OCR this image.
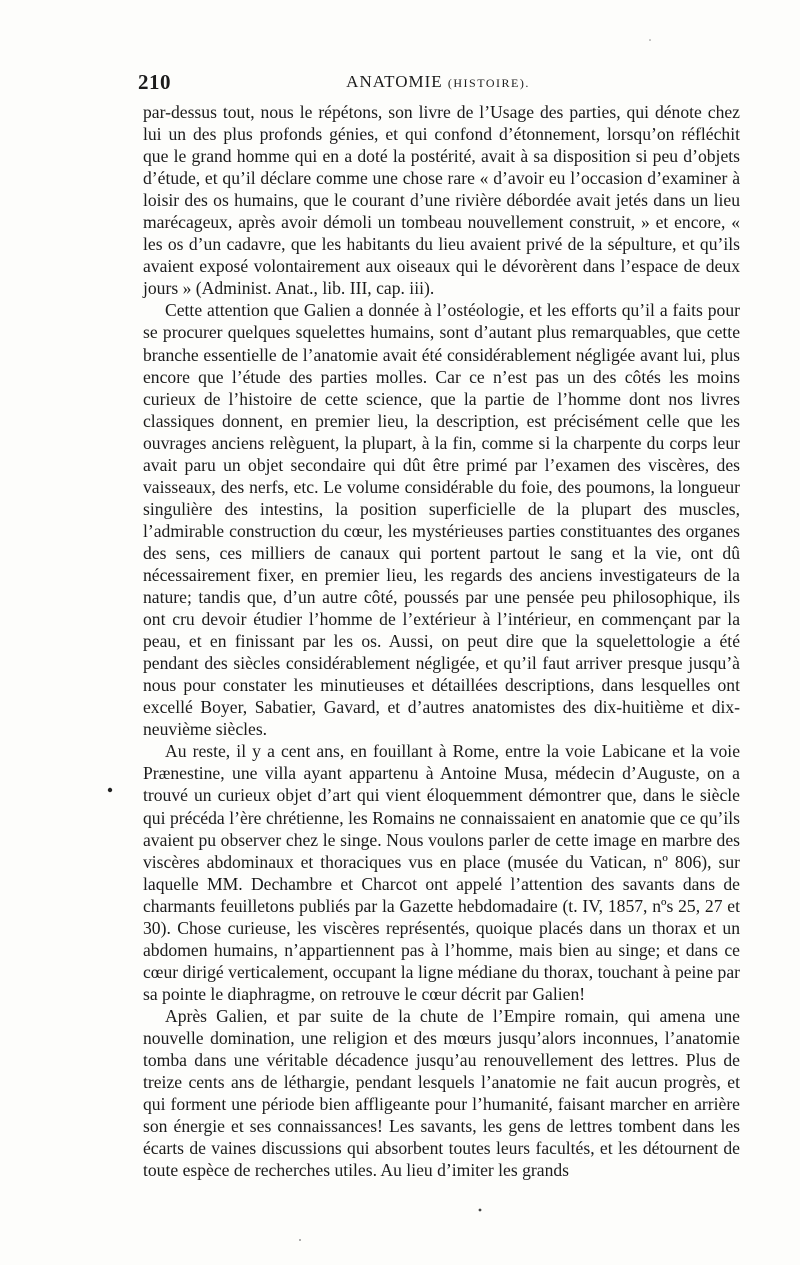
210	ANATOMIE (HISTOIRE).

par-dessus tout, nous le répétons, son livre de l’Usage des parties, qui dénote chez lui un des plus profonds génies, et qui confond d’étonnement, lorsqu’on réfléchit que le grand homme qui en a doté la postérité, avait à sa disposition si peu d’objets d’étude, et qu’il déclare comme une chose rare « d’avoir eu l’occasion d’examiner à loisir des os humains, que le courant d’une rivière débordée avait jetés dans un lieu marécageux, après avoir démoli un tombeau nouvellement construit, » et encore, « les os d’un cadavre, que les habitants du lieu avaient privé de la sépulture, et qu’ils avaient exposé volontairement aux oiseaux qui le dévorèrent dans l’espace de deux jours » (Administ. Anat., lib. III, cap. iii).

Cette attention que Galien a donnée à l’ostéologie, et les efforts qu’il a faits pour se procurer quelques squelettes humains, sont d’autant plus remarquables, que cette branche essentielle de l’anatomie avait été considérablement négligée avant lui, plus encore que l’étude des parties molles. Car ce n’est pas un des côtés les moins curieux de l’histoire de cette science, que la partie de l’homme dont nos livres classiques donnent, en premier lieu, la description, est précisément celle que les ouvrages anciens relèguent, la plupart, à la fin, comme si la charpente du corps leur avait paru un objet secondaire qui dût être primé par l’examen des viscères, des vaisseaux, des nerfs, etc. Le volume considérable du foie, des poumons, la longueur singulière des intestins, la position superficielle de la plupart des muscles, l’admirable construction du cœur, les mystérieuses parties constituantes des organes des sens, ces milliers de canaux qui portent partout le sang et la vie, ont dû nécessairement fixer, en premier lieu, les regards des anciens investigateurs de la nature; tandis que, d’un autre côté, poussés par une pensée peu philosophique, ils ont cru devoir étudier l’homme de l’extérieur à l’intérieur, en commençant par la peau, et en finissant par les os. Aussi, on peut dire que la squelettologie a été pendant des siècles considérablement négligée, et qu’il faut arriver presque jusqu’à nous pour constater les minutieuses et détaillées descriptions, dans lesquelles ont excellé Boyer, Sabatier, Gavard, et d’autres anatomistes des dix-huitième et dix-neuvième siècles.

Au reste, il y a cent ans, en fouillant à Rome, entre la voie Labicane et la voie Prænestine, une villa ayant appartenu à Antoine Musa, médecin d’Auguste, on a trouvé un curieux objet d’art qui vient éloquemment démontrer que, dans le siècle qui précéda l’ère chrétienne, les Romains ne connaissaient en anatomie que ce qu’ils avaient pu observer chez le singe. Nous voulons parler de cette image en marbre des viscères abdominaux et thoraciques vus en place (musée du Vatican, nº 806), sur laquelle MM. Dechambre et Charcot ont appelé l’attention des savants dans de charmants feuilletons publiés par la Gazette hebdomadaire (t. IV, 1857, nºs 25, 27 et 30). Chose curieuse, les viscères représentés, quoique placés dans un thorax et un abdomen humains, n’appartiennent pas à l’homme, mais bien au singe; et dans ce cœur dirigé verticalement, occupant la ligne médiane du thorax, touchant à peine par sa pointe le diaphragme, on retrouve le cœur décrit par Galien!

Après Galien, et par suite de la chute de l’Empire romain, qui amena une nouvelle domination, une religion et des mœurs jusqu’alors inconnues, l’anatomie tomba dans une véritable décadence jusqu’au renouvellement des lettres. Plus de treize cents ans de léthargie, pendant lesquels l’anatomie ne fait aucun progrès, et qui forment une période bien affligeante pour l’humanité, faisant marcher en arrière son énergie et ses connaissances! Les savants, les gens de lettres tombent dans les écarts de vaines discussions qui absorbent toutes leurs facultés, et les détournent de toute espèce de recherches utiles. Au lieu d’imiter les grands
